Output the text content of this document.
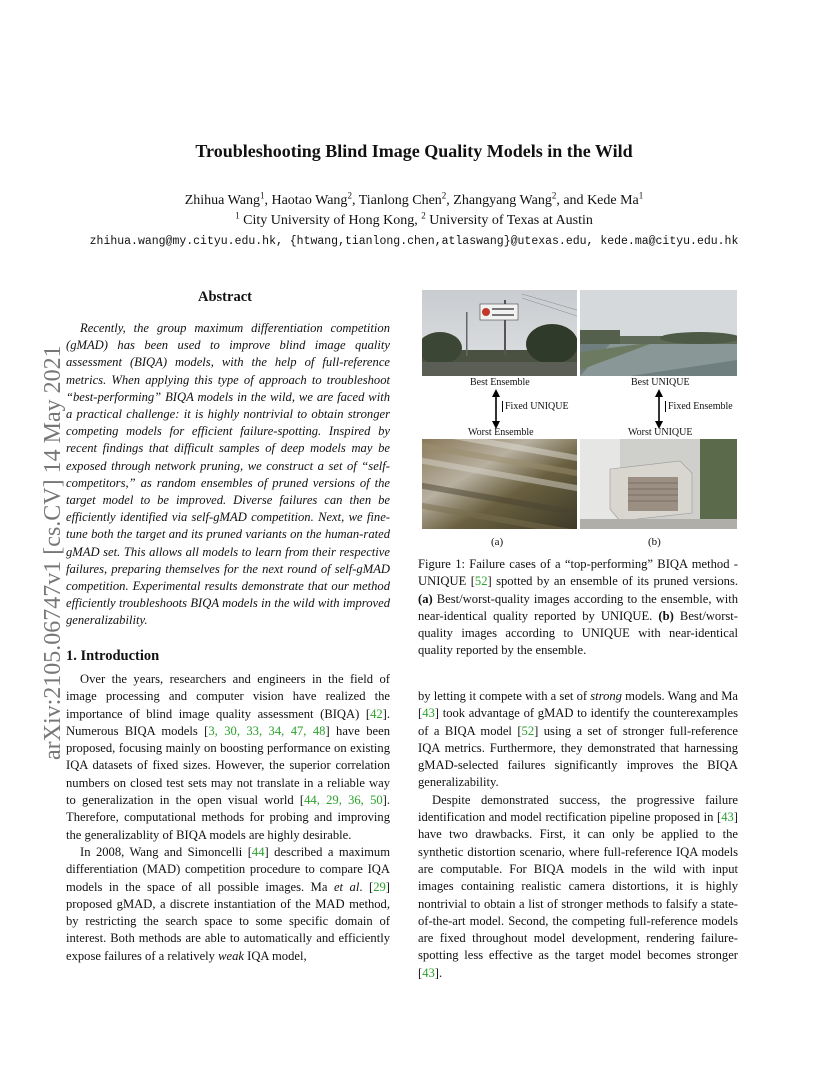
Troubleshooting Blind Image Quality Models in the Wild
Zhihua Wang$^1$, Haotao Wang$^2$, Tianlong Chen$^2$, Zhangyang Wang$^2$, and Kede Ma$^1$
$^1$ City University of Hong Kong, $^2$ University of Texas at Austin
zhihua.wang@my.cityu.edu.hk, {htwang,tianlong.chen,atlaswang}@utexas.edu, kede.ma@cityu.edu.hk
arXiv:2105.06747v1 [cs.CV] 14 May 2021
Abstract
Recently, the group maximum differentiation competition (gMAD) has been used to improve blind image quality assessment (BIQA) models, with the help of full-reference metrics. When applying this type of approach to troubleshoot “best-performing” BIQA models in the wild, we are faced with a practical challenge: it is highly nontrivial to obtain stronger competing models for efficient failure-spotting. Inspired by recent findings that difficult samples of deep models may be exposed through network pruning, we construct a set of “self-competitors,” as random ensembles of pruned versions of the target model to be improved. Diverse failures can then be efficiently identified via self-gMAD competition. Next, we fine-tune both the target and its pruned variants on the human-rated gMAD set. This allows all models to learn from their respective failures, preparing themselves for the next round of self-gMAD competition. Experimental results demonstrate that our method efficiently troubleshoots BIQA models in the wild with improved generalizability.
Best Ensemble
Fixed UNIQUE
Worst Ensemble
Best UNIQUE
Fixed Ensemble
Worst UNIQUE
(a)	(b)
Figure 1: Failure cases of a “top-performing” BIQA method - UNIQUE [52] spotted by an ensemble of its pruned versions. (a) Best/worst-quality images according to the ensemble, with near-identical quality reported by UNIQUE. (b) Best/worst-quality images according to UNIQUE with near-identical quality reported by the ensemble.
1. Introduction

Over the years, researchers and engineers in the field of image processing and computer vision have realized the importance of blind image quality assessment (BIQA) [42]. Numerous BIQA models [3, 30, 33, 34, 47, 48] have been proposed, focusing mainly on boosting performance on existing IQA datasets of fixed sizes. However, the superior correlation numbers on closed test sets may not translate in a reliable way to generalization in the open visual world [44, 29, 36, 50]. Therefore, computational methods for probing and improving the generalizablity of BIQA models are highly desirable.

In 2008, Wang and Simoncelli [44] described a maximum differentiation (MAD) competition procedure to compare IQA models in the space of all possible images. Ma et al. [29] proposed gMAD, a discrete instantiation of the MAD method, by restricting the search space to some specific domain of interest. Both methods are able to automatically and efficiently expose failures of a relatively weak IQA model,

by letting it compete with a set of strong models. Wang and Ma [43] took advantage of gMAD to identify the counterexamples of a BIQA model [52] using a set of stronger full-reference IQA metrics. Furthermore, they demonstrated that harnessing gMAD-selected failures significantly improves the BIQA generalizability.

Despite demonstrated success, the progressive failure identification and model rectification pipeline proposed in [43] have two drawbacks. First, it can only be applied to the synthetic distortion scenario, where full-reference IQA models are computable. For BIQA models in the wild with input images containing realistic camera distortions, it is highly nontrivial to obtain a list of stronger methods to falsify a state-of-the-art model. Second, the competing full-reference models are fixed throughout model development, rendering failure-spotting less effective as the target model becomes stronger [43].
